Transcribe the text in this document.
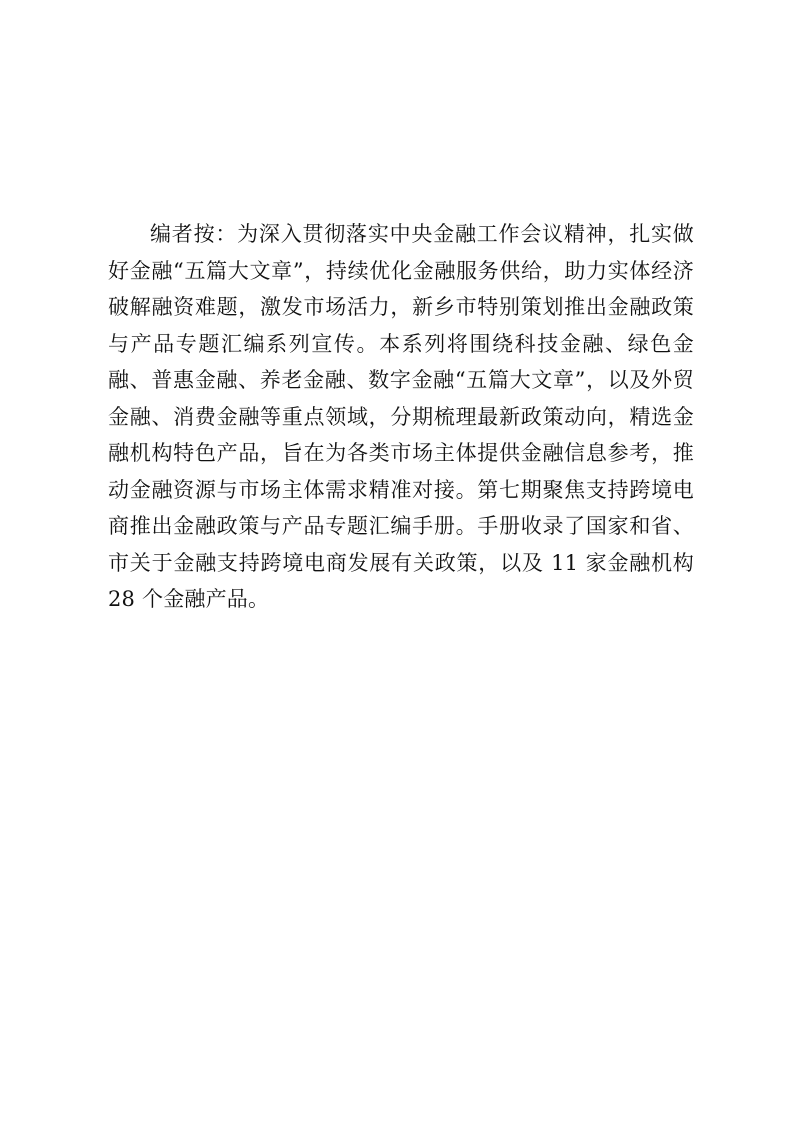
编者按：为深入贯彻落实中央金融工作会议精神，扎实做好金融“五篇大文章”，持续优化金融服务供给，助力实体经济破解融资难题，激发市场活力，新乡市特别策划推出金融政策与产品专题汇编系列宣传。本系列将围绕科技金融、绿色金融、普惠金融、养老金融、数字金融“五篇大文章”，以及外贸金融、消费金融等重点领域，分期梳理最新政策动向，精选金融机构特色产品，旨在为各类市场主体提供金融信息参考，推动金融资源与市场主体需求精准对接。第七期聚焦支持跨境电商推出金融政策与产品专题汇编手册。手册收录了国家和省、市关于金融支持跨境电商发展有关政策，以及 11 家金融机构 28 个金融产品。
